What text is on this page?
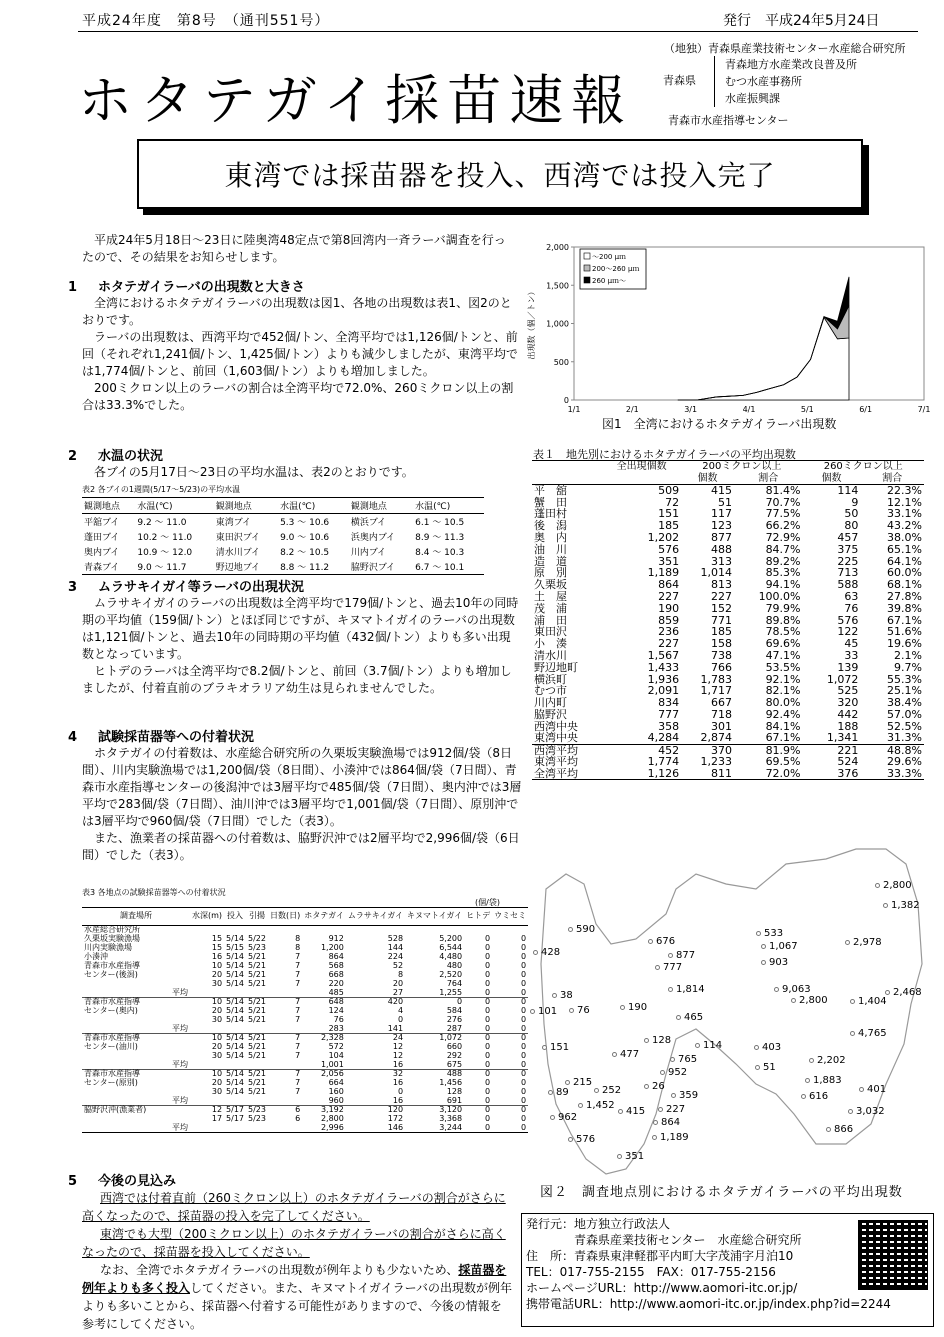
平成24年度　第8号　（通刊551号）	発行　平成24年5月24日
ホタテガイ採苗速報
（地独）青森県産業技術センター水産総合研究所
青森県
青森地方水産業改良普及所
むつ水産事務所
水産振興課
青森市水産指導センター
東湾では採苗器を投入、西湾では投入完了
平成24年5月18日～23日に陸奥湾48定点で第8回湾内一斉ラーバ調査を行ったので、その結果をお知らせします。
1 ホタテガイラーバの出現数と大きさ

全湾におけるホタテガイラーバの出現数は図1、各地の出現数は表1、図2のとおりです。

ラーバの出現数は、西湾平均で452個/トン、全湾平均では1,126個/トンと、前回（それぞれ1,241個/トン、1,425個/トン）よりも減少しましたが、東湾平均では1,774個/トンと、前回（1,603個/トン）よりも増加しました。

200ミクロン以上のラーバの割合は全湾平均で72.0%、260ミクロン以上の割合は33.3%でした。

2 水温の状況

各ブイの5月17日～23日の平均水温は、表2のとおりです。

表2 各ブイの1週間(5/17～5/23)の平均水温
観測地点	水温(℃)	観測地点	水温(℃)	観測地点	水温(℃)
平舘ブイ	9.2 ～ 11.0	東湾ブイ	5.3 ～ 10.6	横浜ブイ	6.1 ～ 10.5
蓬田ブイ	10.2 ～ 11.0	東田沢ブイ	9.0 ～ 10.6	浜奥内ブイ	8.9 ～ 11.3
奥内ブイ	10.9 ～ 12.0	清水川ブイ	8.2 ～ 10.5	川内ブイ	8.4 ～ 10.3
青森ブイ	9.0 ～ 11.7	野辺地ブイ	8.8 ～ 11.2	脇野沢ブイ	6.7 ～ 10.1
3 ムラサキイガイ等ラーバの出現状況

ムラサキイガイのラーバの出現数は全湾平均で179個/トンと、過去10年の同時期の平均値（159個/トン）とほぼ同じですが、キヌマトイガイのラーバの出現数は1,121個/トンと、過去10年の同時期の平均値（432個/トン）よりも多い出現数となっています。

ヒトデのラーバは全湾平均で8.2個/トンと、前回（3.7個/トン）よりも増加しましたが、付着直前のブラキオラリア幼生は見られませんでした。

4 試験採苗器等への付着状況

ホタテガイの付着数は、水産総合研究所の久栗坂実験漁場では912個/袋（8日間）、川内実験漁場では1,200個/袋（8日間）、小湊沖では864個/袋（7日間）、青森市水産指導センターの後潟沖では3層平均で485個/袋（7日間）、奥内沖では3層平均で283個/袋（7日間）、油川沖では3層平均で1,001個/袋（7日間）、原別沖では3層平均で960個/袋（7日間）でした（表3）。

また、漁業者の採苗器への付着数は、脇野沢沖では2層平均で2,996個/袋（6日間）でした（表3）。

表3 各地点の試験採苗器等への付着状況
(個/袋)
調査場所	水深(m)	投入	引揚	日数(日)	ホタテガイ	ムラサキイガイ	キヌマトイガイ	ヒトデ	ウミセミ
水産総合研究所									
久栗坂実験漁場	15	5/14	5/22	8	912	528	5,200	0	0
川内実験漁場	15	5/15	5/23	8	1,200	144	6,544	0	0
小湊沖	16	5/14	5/21	7	864	224	4,480	0	0
青森市水産指導	10	5/14	5/21	7	568	52	480	0	0
センター(後潟)	20	5/14	5/21	7	668	8	2,520	0	0
	30	5/14	5/21	7	220	20	764	0	0
平均					485	27	1,255	0	0
青森市水産指導	10	5/14	5/21	7	648	420	0	0	0
センター(奥内)	20	5/14	5/21	7	124	4	584	0	0
	30	5/14	5/21	7	76	0	276	0	0
平均					283	141	287	0	0
青森市水産指導	10	5/14	5/21	7	2,328	24	1,072	0	0
センター(油川)	20	5/14	5/21	7	572	12	660	0	0
	30	5/14	5/21	7	104	12	292	0	0
平均					1,001	16	675	0	0
青森市水産指導	10	5/14	5/21	7	2,056	32	488	0	0
センター(原別)	20	5/14	5/21	7	664	16	1,456	0	0
	30	5/14	5/21	7	160	0	128	0	0
平均					960	16	691	0	0
脇野沢沖(漁業者)	12	5/17	5/23	6	3,192	120	3,120	0	0
	17	5/17	5/23	6	2,800	172	3,368	0	0
平均					2,996	146	3,244	0	0
5 今後の見込み

西湾では付着直前（260ミクロン以上）のホタテガイラーバの割合がさらに高くなったので、採苗器の投入を完了してください。

東湾でも大型（200ミクロン以上）のホタテガイラーバの割合がさらに高くなったので、採苗器を投入してください。

なお、全湾でホタテガイラーバの出現数が例年よりも少ないため、採苗器を例年よりも多く投入してください。また、キヌマトイガイラーバの出現数が例年よりも多いことから、採苗器へ付着する可能性がありますので、今後の情報を参考にしてください。

0
500
1,000
1,500
2,000
1/1	2/1	3/1	4/1	5/1	6/1	7/1
出現数（個／トン）
～200 μｍ
200～260 μｍ
260 μｍ～
図1　全湾におけるホタテガイラーバ出現数
表１　地先別におけるホタテガイラーバの平均出現数
	全出現個数	200ミクロン以上		260ミクロン以上	
		個数	割合	個数	割合
平　舘	509	415	81.4%	114	22.3%
蟹　田	72	51	70.7%	9	12.1%
蓬田村	151	117	77.5%	50	33.1%
後　潟	185	123	66.2%	80	43.2%
奥　内	1,202	877	72.9%	457	38.0%
油　川	576	488	84.7%	375	65.1%
造　道	351	313	89.2%	225	64.1%
原　別	1,189	1,014	85.3%	713	60.0%
久栗坂	864	813	94.1%	588	68.1%
土　屋	227	227	100.0%	63	27.8%
茂　浦	190	152	79.9%	76	39.8%
浦　田	859	771	89.8%	576	67.1%
東田沢	236	185	78.5%	122	51.6%
小　湊	227	158	69.6%	45	19.6%
清水川	1,567	738	47.1%	33	2.1%
野辺地町	1,433	766	53.5%	139	9.7%
横浜町	1,936	1,783	92.1%	1,072	55.3%
むつ市	2,091	1,717	82.1%	525	25.1%
川内町	834	667	80.0%	320	38.4%
脇野沢	777	718	92.4%	442	57.0%
西湾中央	358	301	84.1%	188	52.5%
東湾中央	4,284	2,874	67.1%	1,341	31.3%
西湾平均	452	370	81.9%	221	48.8%
東湾平均	1,774	1,233	69.5%	524	29.6%
全湾平均	1,126	811	72.0%	376	33.3%
2,800
1,382
590
428
676
533
1,067	2,978
877
903
777
38
1,814	9,063
2,800	1,404
2,468
101 76	190
465
4,765
151
128	114	403
477	765	2,202
952	51
1,883
215	26	401
89	252	359	616
1,452
415 227	3,032
962	864
866
576	1,189
351
図２　調査地点別におけるホタテガイラーバの平均出現数
発行元：地方独立行政法人
青森県産業技術センター　水産総合研究所
住　所：青森県東津軽郡平内町大字茂浦字月泊10
TEL：017-755-2155　FAX：017-755-2156
ホームページURL：http://www.aomori-itc.or.jp/
携帯電話URL：http://www.aomori-itc.or.jp/index.php?id=2244
